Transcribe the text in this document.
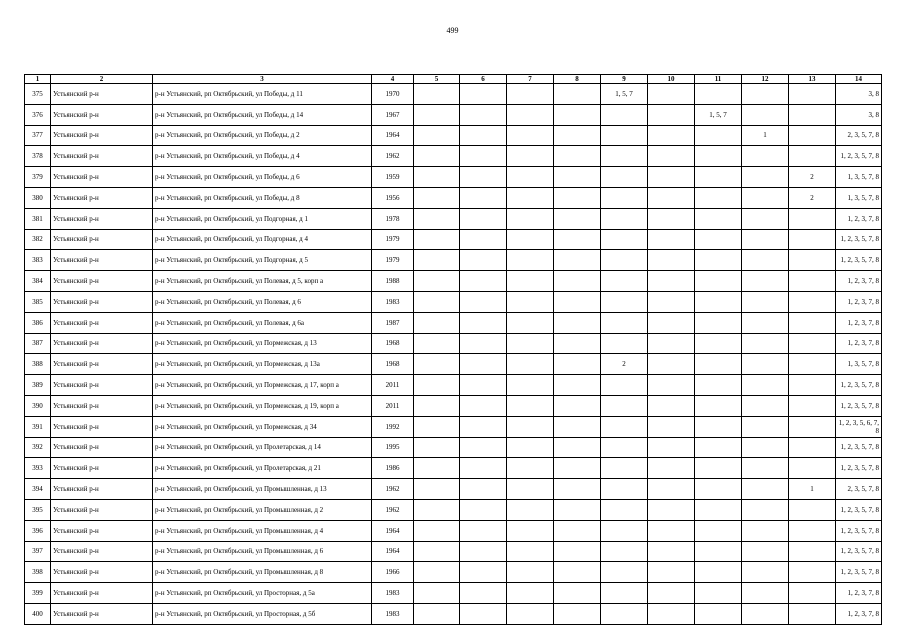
499
1	2	3	4	5	6	7	8	9	10	11	12	13	14
375	Устьянский р-н	р-н Устьянский, рп Октябрьский, ул Победы, д 11	1970					1, 5, 7					3, 8
376	Устьянский р-н	р-н Устьянский, рп Октябрьский, ул Победы, д 14	1967							1, 5, 7			3, 8
377	Устьянский р-н	р-н Устьянский, рп Октябрьский, ул Победы, д 2	1964								1		2, 3, 5, 7, 8
378	Устьянский р-н	р-н Устьянский, рп Октябрьский, ул Победы, д 4	1962										1, 2, 3, 5, 7, 8
379	Устьянский р-н	р-н Устьянский, рп Октябрьский, ул Победы, д 6	1959									2	1, 3, 5, 7, 8
380	Устьянский р-н	р-н Устьянский, рп Октябрьский, ул Победы, д 8	1956									2	1, 3, 5, 7, 8
381	Устьянский р-н	р-н Устьянский, рп Октябрьский, ул Подгорная, д 1	1978										1, 2, 3, 7, 8
382	Устьянский р-н	р-н Устьянский, рп Октябрьский, ул Подгорная, д 4	1979										1, 2, 3, 5, 7, 8
383	Устьянский р-н	р-н Устьянский, рп Октябрьский, ул Подгорная, д 5	1979										1, 2, 3, 5, 7, 8
384	Устьянский р-н	р-н Устьянский, рп Октябрьский, ул Полевая, д 5, корп а	1988										1, 2, 3, 7, 8
385	Устьянский р-н	р-н Устьянский, рп Октябрьский, ул Полевая, д 6	1983										1, 2, 3, 7, 8
386	Устьянский р-н	р-н Устьянский, рп Октябрьский, ул Полевая, д 6а	1987										1, 2, 3, 7, 8
387	Устьянский р-н	р-н Устьянский, рп Октябрьский, ул Пормежская, д 13	1968										1, 2, 3, 7, 8
388	Устьянский р-н	р-н Устьянский, рп Октябрьский, ул Пормежская, д 13а	1968					2					1, 3, 5, 7, 8
389	Устьянский р-н	р-н Устьянский, рп Октябрьский, ул Пормежская, д 17, корп а	2011										1, 2, 3, 5, 7, 8
390	Устьянский р-н	р-н Устьянский, рп Октябрьский, ул Пормежская, д 19, корп а	2011										1, 2, 3, 5, 7, 8
391	Устьянский р-н	р-н Устьянский, рп Октябрьский, ул Пормежская, д 34	1992										1, 2, 3, 5, 6, 7, 8
392	Устьянский р-н	р-н Устьянский, рп Октябрьский, ул Пролетарская, д 14	1995										1, 2, 3, 5, 7, 8
393	Устьянский р-н	р-н Устьянский, рп Октябрьский, ул Пролетарская, д 21	1986										1, 2, 3, 5, 7, 8
394	Устьянский р-н	р-н Устьянский, рп Октябрьский, ул Промышленная, д 13	1962									1	2, 3, 5, 7, 8
395	Устьянский р-н	р-н Устьянский, рп Октябрьский, ул Промышленная, д 2	1962										1, 2, 3, 5, 7, 8
396	Устьянский р-н	р-н Устьянский, рп Октябрьский, ул Промышленная, д 4	1964										1, 2, 3, 5, 7, 8
397	Устьянский р-н	р-н Устьянский, рп Октябрьский, ул Промышленная, д 6	1964										1, 2, 3, 5, 7, 8
398	Устьянский р-н	р-н Устьянский, рп Октябрьский, ул Промышленная, д 8	1966										1, 2, 3, 5, 7, 8
399	Устьянский р-н	р-н Устьянский, рп Октябрьский, ул Просторная, д 5а	1983										1, 2, 3, 7, 8
400	Устьянский р-н	р-н Устьянский, рп Октябрьский, ул Просторная, д 5б	1983										1, 2, 3, 7, 8
